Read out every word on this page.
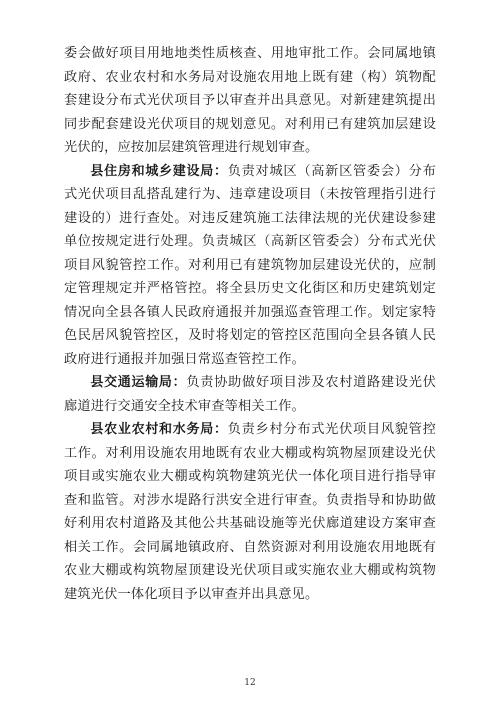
委会做好项目用地地类性质核查、用地审批工作。会同属地镇政府、农业农村和水务局对设施农用地上既有建（构）筑物配套建设分布式光伏项目予以审查并出具意见。对新建建筑提出同步配套建设光伏项目的规划意见。对利用已有建筑加层建设光伏的，应按加层建筑管理进行规划审查。

县住房和城乡建设局：负责对城区（高新区管委会）分布式光伏项目乱搭乱建行为、违章建设项目（未按管理指引进行建设的）进行查处。对违反建筑施工法律法规的光伏建设参建单位按规定进行处理。负责城区（高新区管委会）分布式光伏项目风貌管控工作。对利用已有建筑物加层建设光伏的，应制定管理规定并严格管控。将全县历史文化街区和历史建筑划定情况向全县各镇人民政府通报并加强巡查管理工作。划定家特色民居风貌管控区，及时将划定的管控区范围向全县各镇人民政府进行通报并加强日常巡查管控工作。

县交通运输局：负责协助做好项目涉及农村道路建设光伏廊道进行交通安全技术审查等相关工作。

县农业农村和水务局：负责乡村分布式光伏项目风貌管控工作。对利用设施农用地既有农业大棚或构筑物屋顶建设光伏项目或实施农业大棚或构筑物建筑光伏一体化项目进行指导审查和监管。对涉水堤路行洪安全进行审查。负责指导和协助做好利用农村道路及其他公共基础设施等光伏廊道建设方案审查相关工作。会同属地镇政府、自然资源对利用设施农用地既有农业大棚或构筑物屋顶建设光伏项目或实施农业大棚或构筑物建筑光伏一体化项目予以审查并出具意见。

12
